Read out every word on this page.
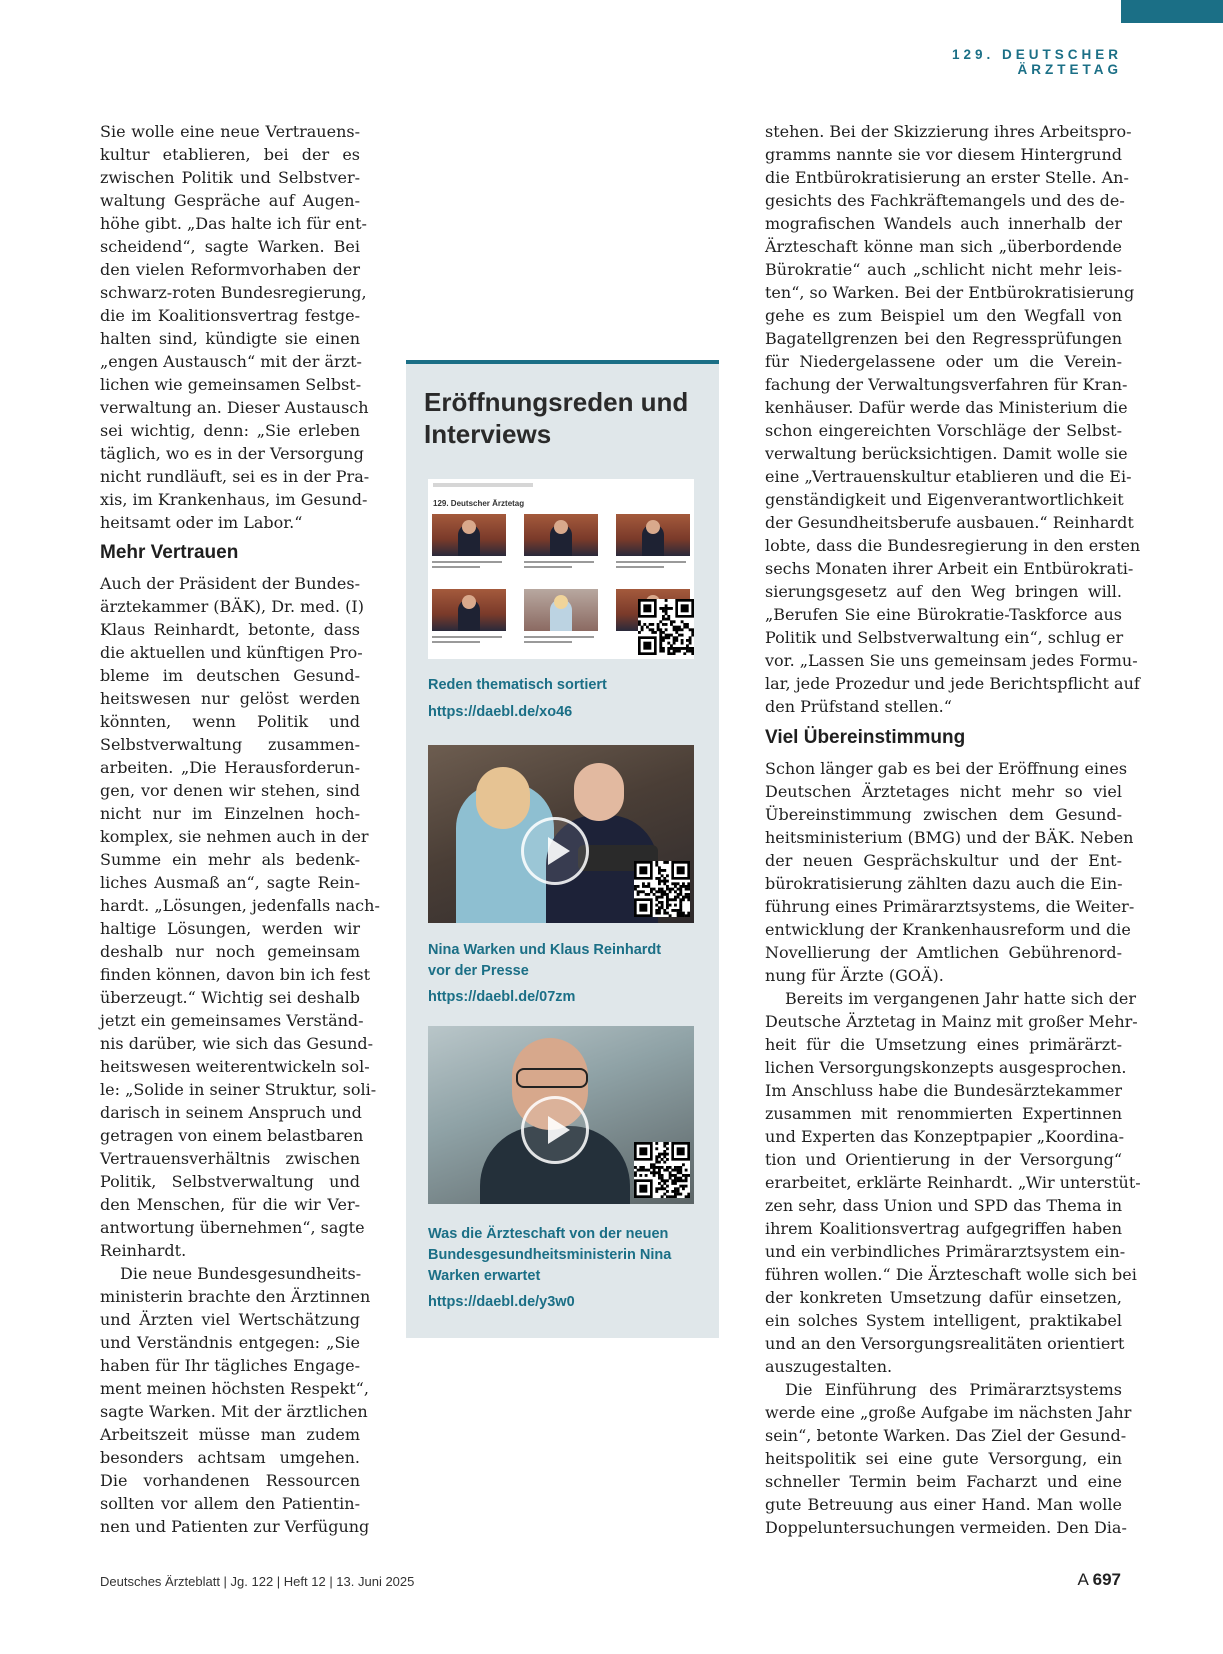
129. DEUTSCHER ÄRZTETAG
Sie wolle eine neue Vertrauens-
kultur etablieren, bei der es
zwischen Politik und Selbstver-
waltung Gespräche auf Augen-
höhe gibt. „Das halte ich für ent-
scheidend“, sagte Warken. Bei
den vielen Reformvorhaben der
schwarz-roten Bundesregierung,
die im Koalitionsvertrag festge-
halten sind, kündigte sie einen
„engen Austausch“ mit der ärzt-
lichen wie gemeinsamen Selbst-
verwaltung an. Dieser Austausch
sei wichtig, denn: „Sie erleben
täglich, wo es in der Versorgung
nicht rundläuft, sei es in der Pra-
xis, im Krankenhaus, im Gesund-
heitsamt oder im Labor.“
Mehr Vertrauen
Auch der Präsident der Bundes-
ärztekammer (BÄK), Dr. med. (I)
Klaus Reinhardt, betonte, dass
die aktuellen und künftigen Pro-
bleme im deutschen Gesund-
heitswesen nur gelöst werden
könnten, wenn Politik und
Selbstverwaltung zusammen-
arbeiten. „Die Herausforderun-
gen, vor denen wir stehen, sind
nicht nur im Einzelnen hoch-
komplex, sie nehmen auch in der
Summe ein mehr als bedenk-
liches Ausmaß an“, sagte Rein-
hardt. „Lösungen, jedenfalls nach-
haltige Lösungen, werden wir
deshalb nur noch gemeinsam
finden können, davon bin ich fest
überzeugt.“ Wichtig sei deshalb
jetzt ein gemeinsames Verständ-
nis darüber, wie sich das Gesund-
heitswesen weiterentwickeln sol-
le: „Solide in seiner Struktur, soli-
darisch in seinem Anspruch und
getragen von einem belastbaren
Vertrauensverhältnis zwischen
Politik, Selbstverwaltung und
den Menschen, für die wir Ver-
antwortung übernehmen“, sagte
Reinhardt.
Die neue Bundesgesundheits-
ministerin brachte den Ärztinnen
und Ärzten viel Wertschätzung
und Verständnis entgegen: „Sie
haben für Ihr tägliches Engage-
ment meinen höchsten Respekt“,
sagte Warken. Mit der ärztlichen
Arbeitszeit müsse man zudem
besonders achtsam umgehen.
Die vorhandenen Ressourcen
sollten vor allem den Patientin-
nen und Patienten zur Verfügung
stehen. Bei der Skizzierung ihres Arbeitspro-
gramms nannte sie vor diesem Hintergrund
die Entbürokratisierung an erster Stelle. An-
gesichts des Fachkräftemangels und des de-
mografischen Wandels auch innerhalb der
Ärzteschaft könne man sich „überbordende
Bürokratie“ auch „schlicht nicht mehr leis-
ten“, so Warken. Bei der Entbürokratisierung
gehe es zum Beispiel um den Wegfall von
Bagatellgrenzen bei den Regressprüfungen
für Niedergelassene oder um die Verein-
fachung der Verwaltungsverfahren für Kran-
kenhäuser. Dafür werde das Ministerium die
schon eingereichten Vorschläge der Selbst-
verwaltung berücksichtigen. Damit wolle sie
eine „Vertrauenskultur etablieren und die Ei-
genständigkeit und Eigenverantwortlichkeit
der Gesundheitsberufe ausbauen.“ Reinhardt
lobte, dass die Bundesregierung in den ersten
sechs Monaten ihrer Arbeit ein Entbürokrati-
sierungsgesetz auf den Weg bringen will.
„Berufen Sie eine Bürokratie-Taskforce aus
Politik und Selbstverwaltung ein“, schlug er
vor. „Lassen Sie uns gemeinsam jedes Formu-
lar, jede Prozedur und jede Berichtspflicht auf
den Prüfstand stellen.“
Viel Übereinstimmung
Schon länger gab es bei der Eröffnung eines
Deutschen Ärztetages nicht mehr so viel
Übereinstimmung zwischen dem Gesund-
heitsministerium (BMG) und der BÄK. Neben
der neuen Gesprächskultur und der Ent-
bürokratisierung zählten dazu auch die Ein-
führung eines Primärarztsystems, die Weiter-
entwicklung der Krankenhausreform und die
Novellierung der Amtlichen Gebührenord-
nung für Ärzte (GOÄ).
Bereits im vergangenen Jahr hatte sich der
Deutsche Ärztetag in Mainz mit großer Mehr-
heit für die Umsetzung eines primärärzt-
lichen Versorgungskonzepts ausgesprochen.
Im Anschluss habe die Bundesärztekammer
zusammen mit renommierten Expertinnen
und Experten das Konzeptpapier „Koordina-
tion und Orientierung in der Versorgung“
erarbeitet, erklärte Reinhardt. „Wir unterstüt-
zen sehr, dass Union und SPD das Thema in
ihrem Koalitionsvertrag aufgegriffen haben
und ein verbindliches Primärarztsystem ein-
führen wollen.“ Die Ärzteschaft wolle sich bei
der konkreten Umsetzung dafür einsetzen,
ein solches System intelligent, praktikabel
und an den Versorgungsrealitäten orientiert
auszugestalten.
Die Einführung des Primärarztsystems
werde eine „große Aufgabe im nächsten Jahr
sein“, betonte Warken. Das Ziel der Gesund-
heitspolitik sei eine gute Versorgung, ein
schneller Termin beim Facharzt und eine
gute Betreuung aus einer Hand. Man wolle
Doppeluntersuchungen vermeiden. Den Dia-
Eröffnungsreden und Interviews
129. Deutscher Ärztetag
Reden thematisch sortiert
https://daebl.de/xo46
Nina Warken und Klaus Reinhardt
vor der Presse
https://daebl.de/07zm
Was die Ärzteschaft von der neuen
Bundesgesundheitsministerin Nina
Warken erwartet
https://daebl.de/y3w0
Deutsches Ärzteblatt | Jg. 122 | Heft 12 | 13. Juni 2025	A 697
